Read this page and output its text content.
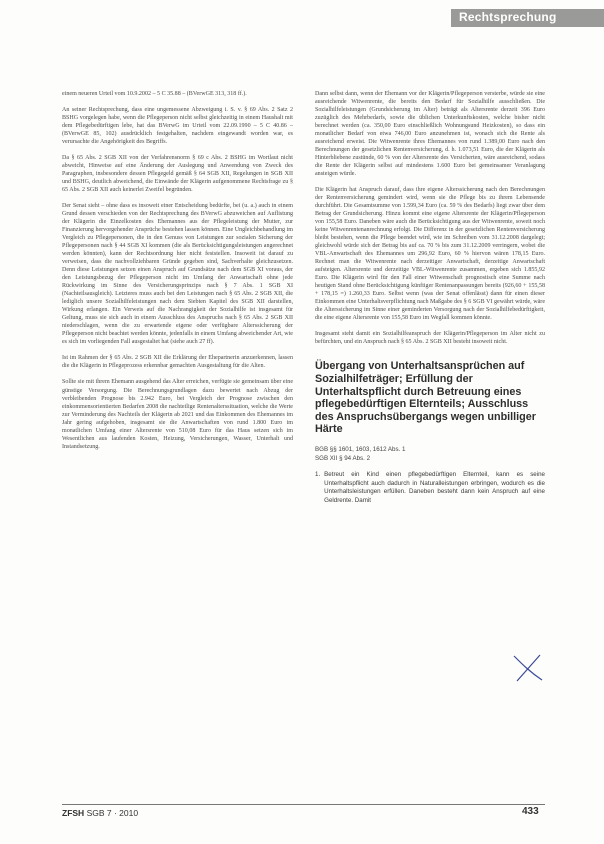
Rechtsprechung

einem neueren Urteil vom 10.9.2002 – 5 C 35.88 – (BVerwGE 313, 318 ff.).

An seiner Rechtsprechung, dass eine ungemessene Abzweigung i. S. v. § 69 Abs. 2 Satz 2 BSHG vorgelegen habe, wenn die Pflegeperson nicht selbst gleichzeitig in einem Haushalt mit dem Pflegebedürftigen lebe, hat das BVerwG im Urteil vom 22.09.1990 – 5 C 40.86 – (BVerwGE 85, 102) ausdrücklich festgehalten, nachdem eingewandt worden war, es verursachte die Angehörigkeit des Begriffs.

Da § 65 Abs. 2 SGB XII von der Verfahrensnorm § 69 c Abs. 2 BSHG im Wortlaut nicht abweicht, Hinweise auf eine Änderung der Auslegung und Anwendung von Zweck des Paragraphen, insbesondere dessen Pflegegeld gemäß § 64 SGB XII, Regelungen in SGB XII und BSHG, deutlich abweichend, die Einwände der Klägerin aufgenommene Rechtsfrage zu § 65 Abs. 2 SGB XII auch keinerlei Zweifel begründen.

Der Senat sieht – ohne dass es insoweit einer Entscheidung bedürfte, bei (u. a.) auch in einem Grund dessen verschieden von der Rechtsprechung des BVerwG abzuweichen auf Auflistung der Klägerin die Einzelkosten des Ehemannes aus der Pflegeleistung der Mutter, zur Finanzierung hervorgehender Ansprüche bestehen lassen können. Eine Ungleichbehandlung im Vergleich zu Pflegepersonen, die in den Genuss von Leistungen zur sozialen Sicherung der Pflegepersonen nach § 44 SGB XI kommen (die als Berücksichtigungsleistungen angerechnet werden könnten), kann der Rechtsordnung hier nicht feststellen. Insoweit ist darauf zu verweisen, dass die nachvollziehbaren Gründe gegeben sind, Sachverhalte gleichzusetzen. Denn diese Leistungen setzen einen Anspruch auf Grundsätze nach dem SGB XI voraus, der den Leistungsbezug der Pflegeperson nicht im Umfang der Anwartschaft ohne jede Rückwirkung im Sinne des Versicherungsprinzips nach § 7 Abs. 1 SGB XI (Nachteilsausgleich). Letzteres muss auch bei den Leistungen nach § 65 Abs. 2 SGB XII, die lediglich unsere Sozialhilfeleistungen nach dem Siebten Kapitel des SGB XII darstellen, Wirkung erlangen. Ein Verweis auf die Nachrangigkeit der Sozialhilfe ist insgesamt für Geltung, muss sie sich auch in einem Ausschluss des Anspruchs nach § 65 Abs. 2 SGB XII niederschlagen, wenn die zu erwartende eigene oder verfügbare Alterssicherung der Pflegeperson nicht beachtet werden könnte, jedenfalls in einem Umfang abweichender Art, wie es sich im vorliegenden Fall ausgestaltet hat (siehe auch 27 ff).

Ist im Rahmen der § 65 Abs. 2 SGB XII die Erklärung der Ehepartnerin anzuerkennen, lassen die die Klägerin in Pflegeprozess erkennbar gemachten Ausgestaltung für die Alten.

Sollte sie mit ihrem Ehemann ausgehend das Alter erreichen, verfügte sie gemeinsam über eine günstige Versorgung. Die Berechnungsgrundlagen dazu bewertet nach Abzug der verbleibenden Prognose bis 2.942 Euro, bei Vergleich der Prognose zwischen den einkommensorientierten Bedarfen 2008 die nachteilige Rentenalterssituation, welche die Werte zur Verminderung des Nachteils der Klägerin ab 2021 und das Einkommen des Ehemannes im Jahr gering aufgehoben, insgesamt sie die Anwartschaften von rund 1.800 Euro im monatlichen Umfang einer Altersrente von 510,08 Euro für das Haus setzen sich im Wesentlichen aus laufenden Kosten, Heizung, Versicherungen, Wasser, Unterhalt und Instandsetzung.

Dann selbst dann, wenn der Ehemann vor der Klägerin/Pflegeperson versterbe, würde sie eine ausreichende Witwenrente, die bereits den Bedarf für Sozialhilfe ausschließen. Die Sozialhilfeleistungen (Grundsicherung im Alter) beträgt als Altersrente derzeit 396 Euro zuzüglich des Mehrbedarfs, sowie die üblichen Unterkunftskosten, welche bisher nicht berechnet werden (ca. 350,00 Euro einschließlich Wohnungsund Heizkosten), so dass ein monatlicher Bedarf von etwa 746,00 Euro anzunehmen ist, wonach sich die Rente als ausreichend erweist. Die Witwenrente ihres Ehemannes von rund 1.389,00 Euro nach den Berechnungen der gesetzlichen Rentenversicherung, d. h. 1.073,51 Euro, die der Klägerin als Hinterbliebene zustünde, 60 % von der Altersrente des Versicherten, wäre ausreichend, sodass die Rente der Klägerin selbst auf mindestens 1.600 Euro bei gemeinsamer Veranlagung ansteigen würde.

Die Klägerin hat Anspruch darauf, dass ihre eigene Alterssicherung nach den Berechnungen der Rentenversicherung gemindert wird, wenn sie die Pflege bis zu ihrem Lebensende durchführt. Die Gesamtsumme von 1.599,34 Euro (ca. 59 % des Bedarfs) liegt zwar über dem Betrag der Grundsicherung. Hinzu kommt eine eigene Altersrente der Klägerin/Pflegeperson von 155,58 Euro. Daneben wäre auch die Berücksichtigung aus der Witwenrente, soweit noch keine Witwenrentenanrechnung erfolgt. Die Differenz in der gesetzlichen Rentenversicherung bleibt bestehen, wenn die Pflege beendet wird, wie im Schreiben vom 31.12.2008 dargelegt; gleichwohl würde sich der Betrag bis auf ca. 70 % bis zum 31.12.2009 verringern, wobei die VBL-Anwartschaft des Ehemannes um 296,92 Euro, 60 % hiervon wären 178,15 Euro. Rechnet man die Witwenrente nach derzeitiger Anwartschaft, derzeitige Anwartschaft aufsteigen. Altersrente und derzeitige VBL-Witwenrente zusammen, ergeben sich 1.855,92 Euro. Die Klägerin wird für den Fall einer Witwenschaft prognostisch eine Summe nach heutigen Stand ohne Berücksichtigung künftiger Rentenanpassungen bereits (926,60 + 155,58 + 178,15 =) 1.260,33 Euro. Selbst wenn (was der Senat offenlässt) dann für einen dieser Einkommen eine Unterhaltsverpflichtung nach Maßgabe des § 6 SGB VI gewährt würde, wäre die Alterssicherung im Sinne einer geminderten Versorgung nach der Sozialhilfebedürftigkeit, die eine eigene Altersrente von 155,58 Euro im Wegfall kommen könnte.

Insgesamt steht damit ein Sozialhilfeanspruch der Klägerin/Pflegeperson im Alter nicht zu befürchten, und ein Anspruch nach § 65 Abs. 2 SGB XII besteht insoweit nicht.

Übergang von Unterhaltsansprüchen auf Sozialhilfeträger; Erfüllung der Unterhaltspflicht durch Betreuung eines pflegebedürftigen Elternteils; Ausschluss des Anspruchsübergangs wegen unbilliger Härte
BGB §§ 1601, 1603, 1612 Abs. 1
SGB XII § 94 Abs. 2
1. Betreut ein Kind einen pflegebedürftigen Elternteil, kann es seine Unterhaltspflicht auch dadurch in Naturalleistungen erbringen, wodurch es die Unterhaltsleistungen erfüllen. Daneben besteht dann kein Anspruch auf eine Geldrente. Damit
ZFSH SGB 7 · 2010	433
